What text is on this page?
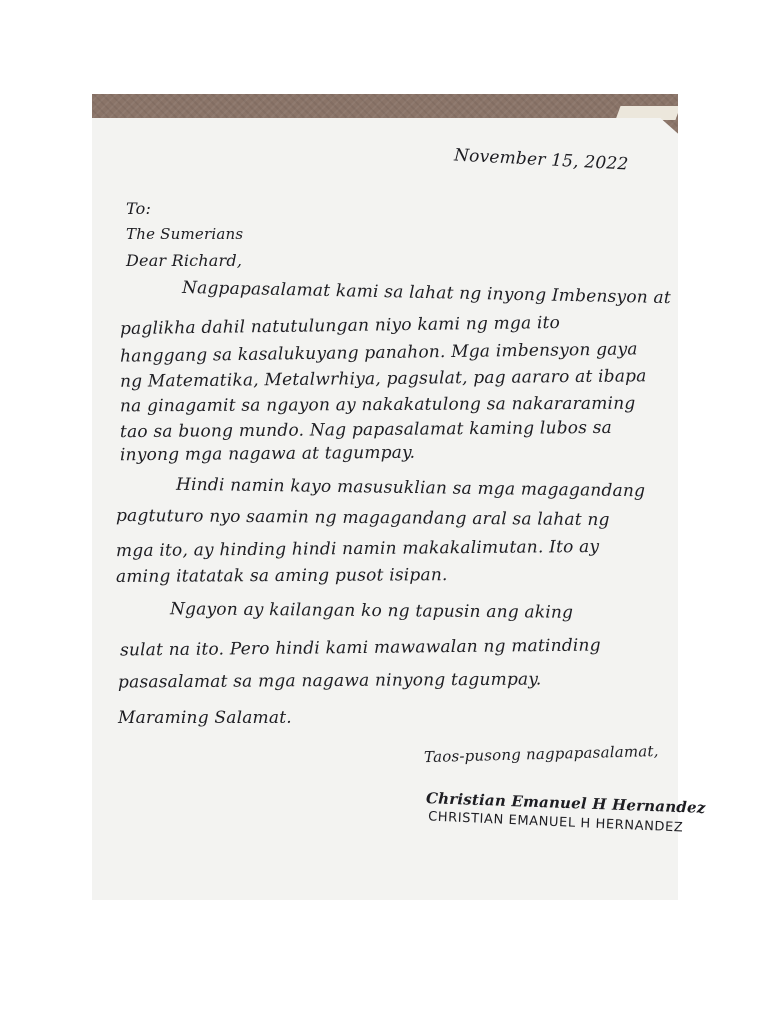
November 15, 2022
To:
The Sumerians
Dear Richard,
Nagpapasalamat kami sa lahat ng inyong Imbensyon at
paglikha dahil natutulungan niyo kami ng mga ito
hanggang sa kasalukuyang panahon. Mga imbensyon gaya
ng Matematika, Metalwrhiya, pagsulat, pag aararo at ibapa
na ginagamit sa ngayon ay nakakatulong sa nakararaming
tao sa buong mundo. Nag papasalamat kaming lubos sa
inyong mga nagawa at tagumpay.
Hindi namin kayo masusuklian sa mga magagandang
pagtuturo nyo saamin ng magagandang aral sa lahat ng
mga ito, ay hinding hindi namin makakalimutan. Ito ay
aming itatatak sa aming pusot isipan.
Ngayon ay kailangan ko ng tapusin ang aking
sulat na ito. Pero hindi kami mawawalan ng matinding
pasasalamat sa mga nagawa ninyong tagumpay.
Maraming Salamat.
Taos-pusong nagpapasalamat,
Christian Emanuel H Hernandez
CHRISTIAN EMANUEL H HERNANDEZ
